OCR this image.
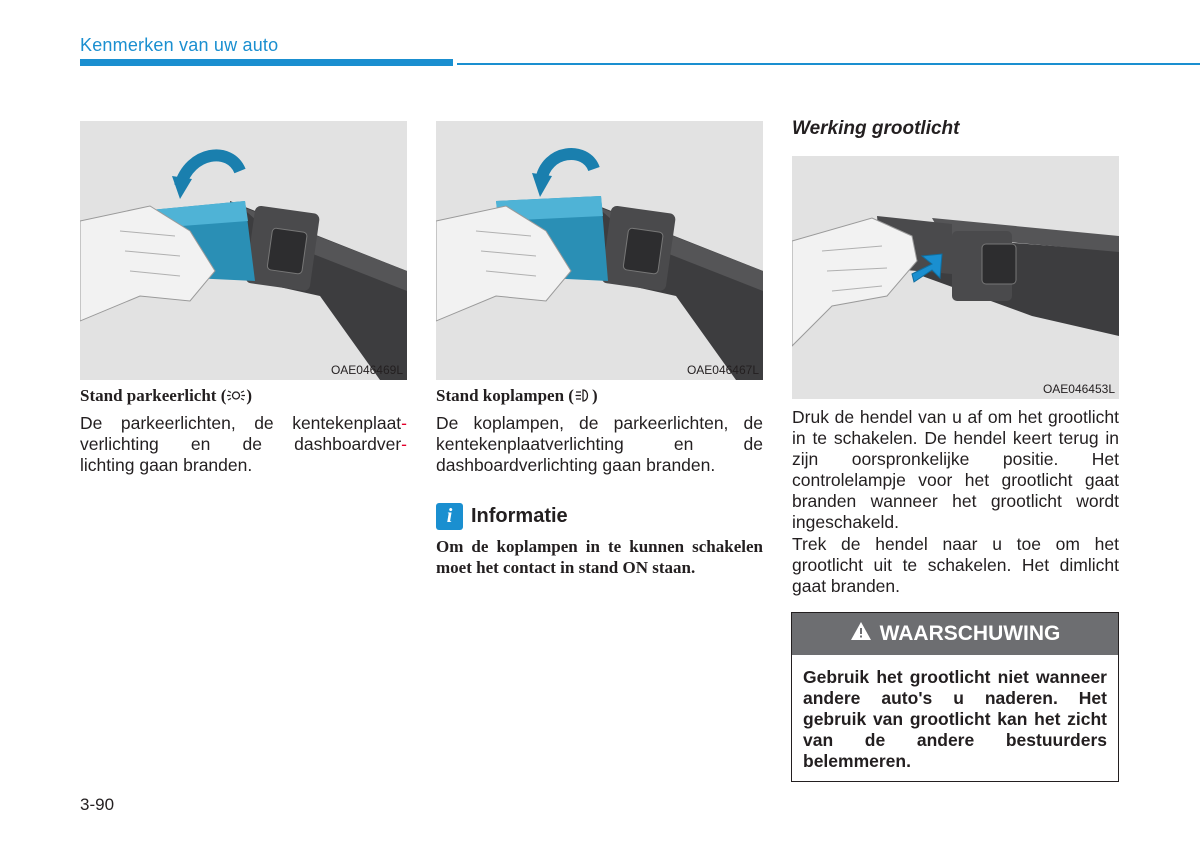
Kenmerken van uw auto
OAE046469L
Stand parkeerlicht ( )
De parkeerlichten, de kentekenplaat-
verlichting en de dashboardver-
lichting gaan branden.
OAE046467L
Stand koplampen ( )

De koplampen, de parkeerlichten, de kentekenplaatverlichting en de dashboardverlichting gaan branden.

i Informatie

Om de koplampen in te kunnen schakelen moet het contact in stand ON staan.

Werking grootlicht
OAE046453L

Druk de hendel van u af om het grootlicht in te schakelen. De hendel keert terug in zijn oorspronkelijke positie. Het controlelampje voor het grootlicht gaat branden wanneer het grootlicht wordt ingeschakeld.

Trek de hendel naar u toe om het grootlicht uit te schakelen. Het dimlicht gaat branden.

WAARSCHUWING
Gebruik het grootlicht niet wanneer andere auto's u naderen. Het gebruik van grootlicht kan het zicht van de andere bestuurders belemmeren.
3-90
